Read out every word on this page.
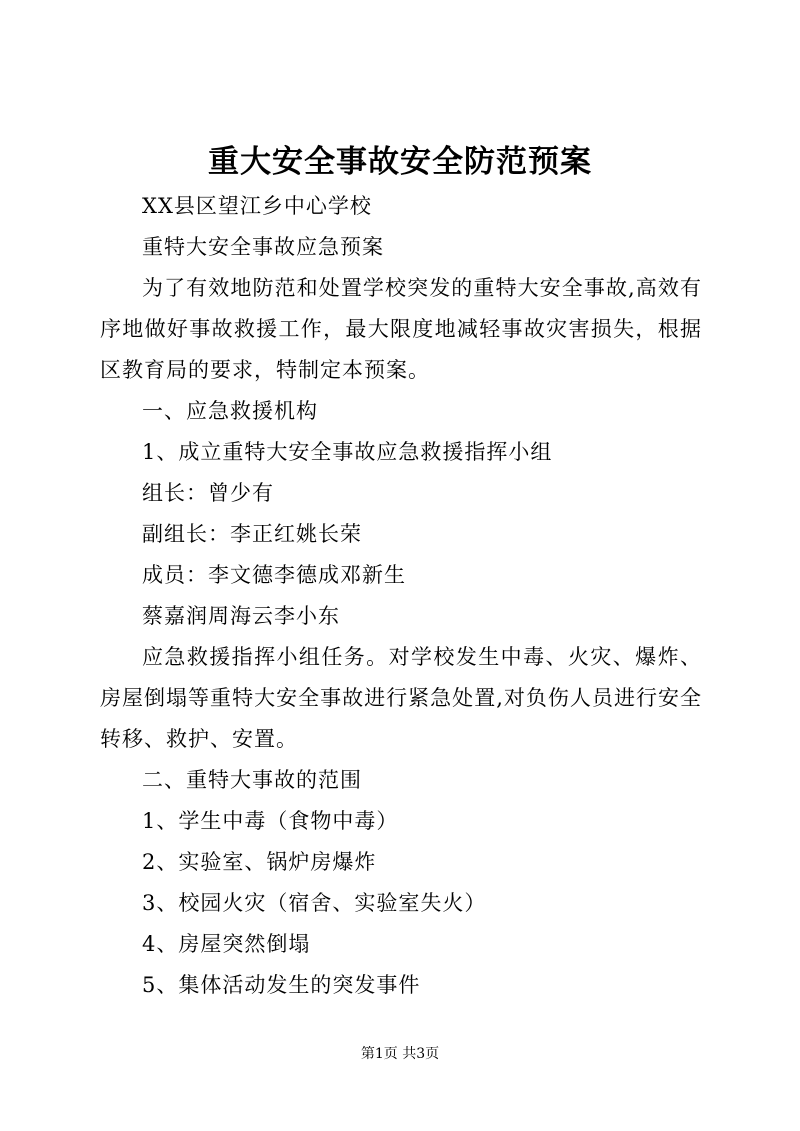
重大安全事故安全防范预案

XX县区望江乡中心学校

重特大安全事故应急预案

为了有效地防范和处置学校突发的重特大安全事故,高效有序地做好事故救援工作，最大限度地减轻事故灾害损失，根据区教育局的要求，特制定本预案。

一、应急救援机构

1、成立重特大安全事故应急救援指挥小组

组长：曾少有

副组长：李正红姚长荣

成员：李文德李德成邓新生

蔡嘉润周海云李小东

应急救援指挥小组任务。对学校发生中毒、火灾、爆炸、房屋倒塌等重特大安全事故进行紧急处置,对负伤人员进行安全转移、救护、安置。

二、重特大事故的范围

1、学生中毒（食物中毒）

2、实验室、锅炉房爆炸

3、校园火灾（宿舍、实验室失火）

4、房屋突然倒塌

5、集体活动发生的突发事件

第1页 共3页
